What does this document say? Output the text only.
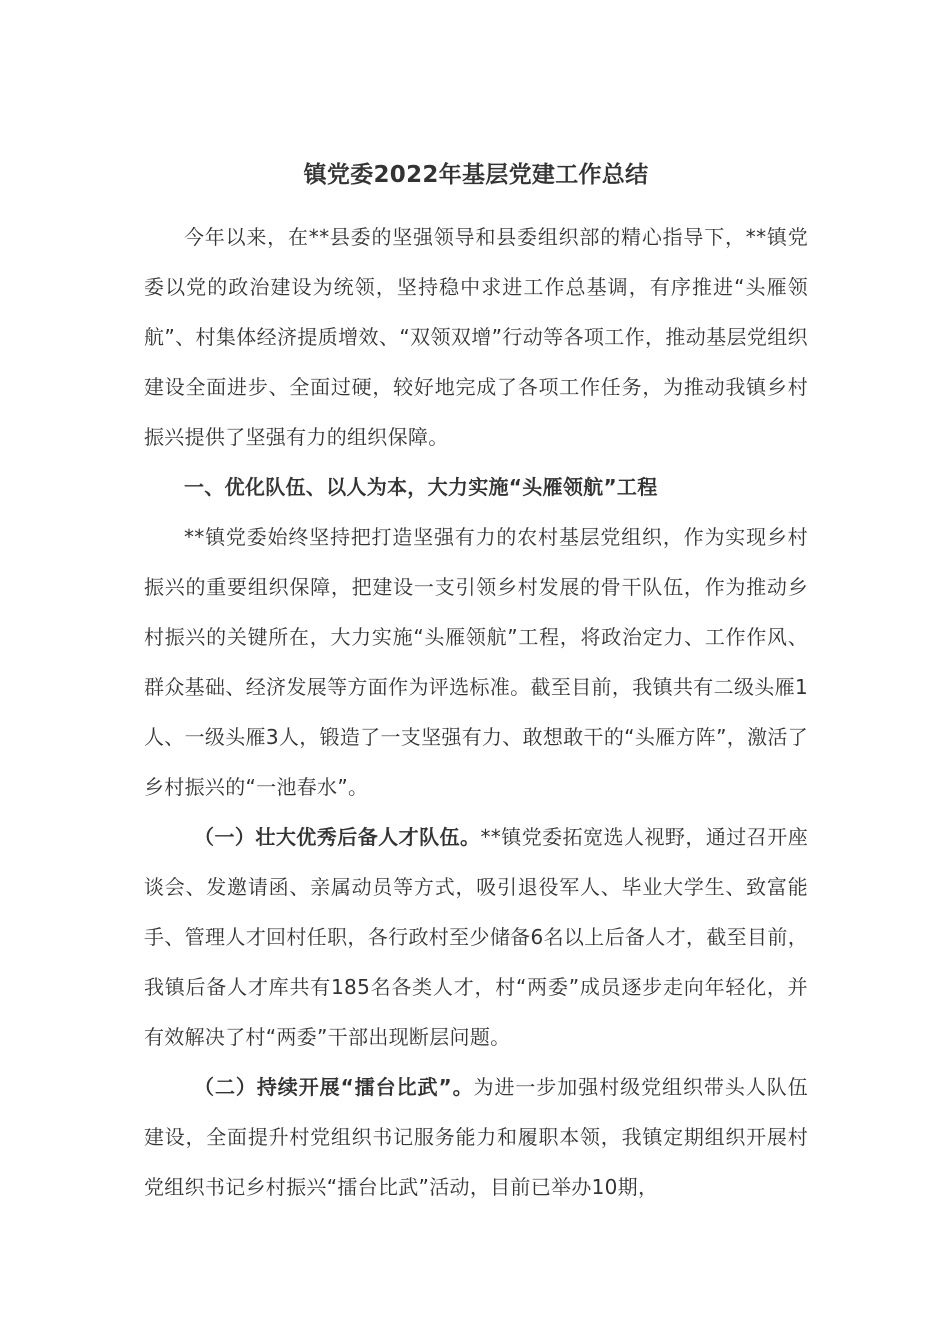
镇党委2022年基层党建工作总结

今年以来，在**县委的坚强领导和县委组织部的精心指导下，**镇党委以党的政治建设为统领，坚持稳中求进工作总基调，有序推进“头雁领航”、村集体经济提质增效、“双领双增”行动等各项工作，推动基层党组织建设全面进步、全面过硬，较好地完成了各项工作任务，为推动我镇乡村振兴提供了坚强有力的组织保障。

一、优化队伍、以人为本，大力实施“头雁领航”工程

**镇党委始终坚持把打造坚强有力的农村基层党组织，作为实现乡村振兴的重要组织保障，把建设一支引领乡村发展的骨干队伍，作为推动乡村振兴的关键所在，大力实施“头雁领航”工程，将政治定力、工作作风、群众基础、经济发展等方面作为评选标准。截至目前，我镇共有二级头雁1人、一级头雁3人，锻造了一支坚强有力、敢想敢干的“头雁方阵”，激活了乡村振兴的“一池春水”。

（一）壮大优秀后备人才队伍。**镇党委拓宽选人视野，通过召开座谈会、发邀请函、亲属动员等方式，吸引退役军人、毕业大学生、致富能手、管理人才回村任职，各行政村至少储备6名以上后备人才，截至目前，我镇后备人才库共有185名各类人才，村“两委”成员逐步走向年轻化，并有效解决了村“两委”干部出现断层问题。

（二）持续开展“擂台比武”。为进一步加强村级党组织带头人队伍建设，全面提升村党组织书记服务能力和履职本领，我镇定期组织开展村党组织书记乡村振兴“擂台比武”活动，目前已举办10期，
